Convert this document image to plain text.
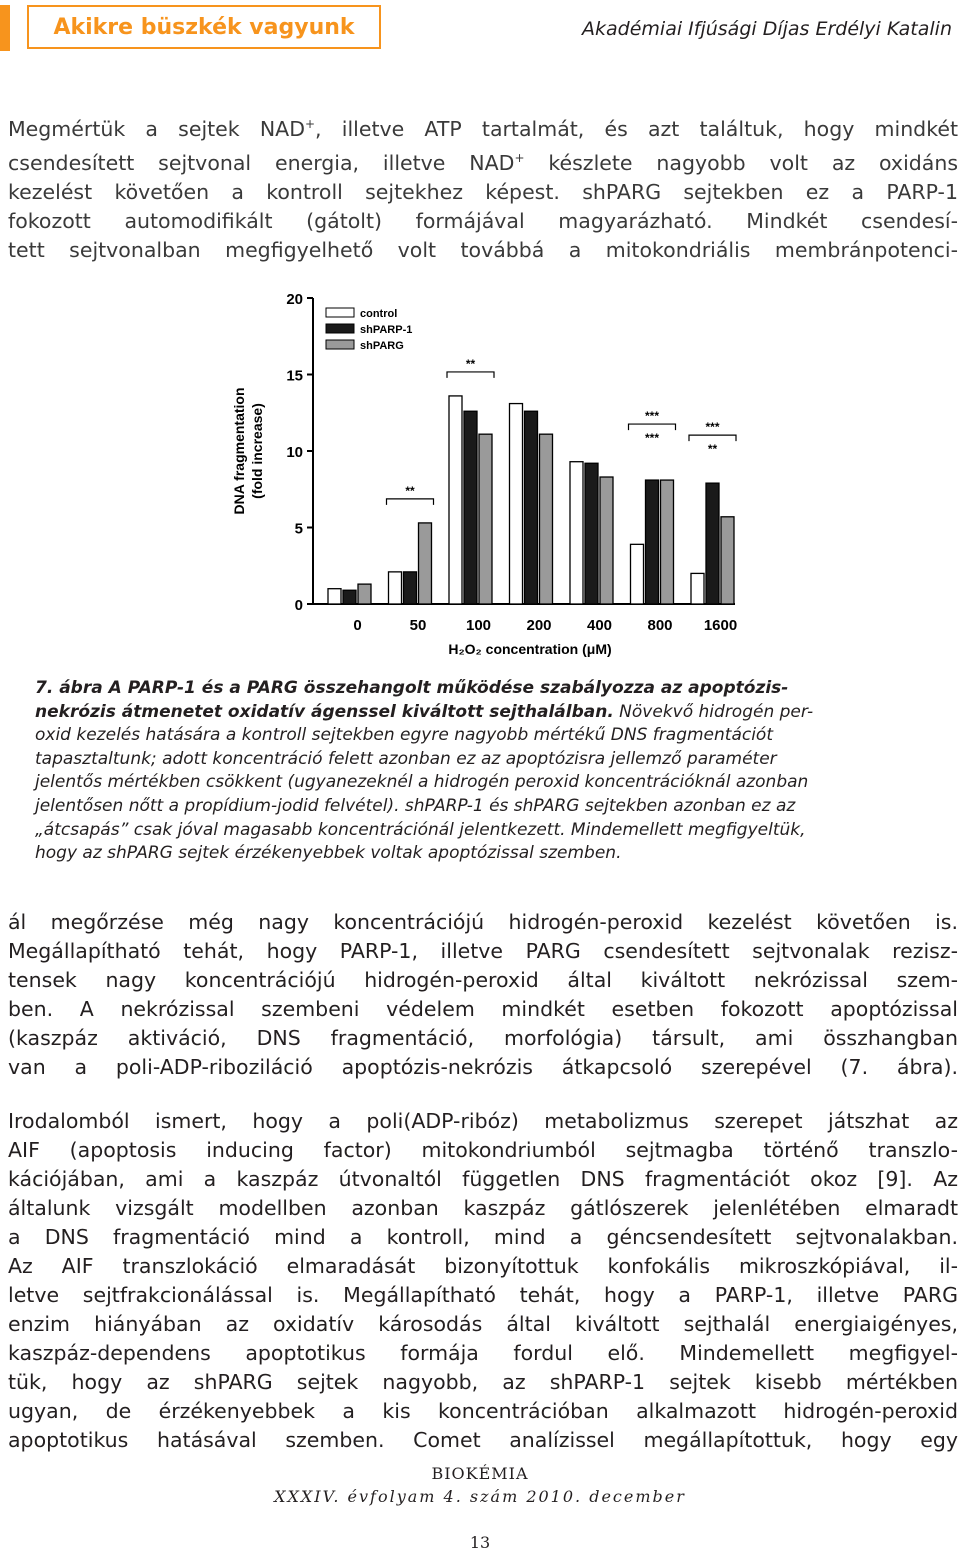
Akikre büszkék vagyunk	Akadémiai Ifjúsági Díjas Erdélyi Katalin
Megmértük a sejtek NAD+, illetve ATP tartalmát, és azt találtuk, hogy mindkét
csendesített sejtvonal energia, illetve NAD+ készlete nagyobb volt az oxidáns
kezelést követően a kontroll sejtekhez képest. shPARG sejtekben ez a PARP-1
fokozott automodifikált (gátolt) formájával magyarázható. Mindkét csendesí-
tett sejtvonalban megfigyelhető volt továbbá a mitokondriális membránpotenci-
0
5
10
15
20
DNA fragmentation (fold increase)
0	50	100 200 400 800 1600
H₂O₂ concentration (μM)
control
shPARP-1
shPARG
**
**
***
***
***
**
7. ábra A PARP-1 és a PARG összehangolt működése szabályozza az apoptózis-
nekrózis átmenetet oxidatív ágenssel kiváltott sejthalálban. Növekvő hidrogén per-
oxid kezelés hatására a kontroll sejtekben egyre nagyobb mértékű DNS fragmentációt
tapasztaltunk; adott koncentráció felett azonban ez az apoptózisra jellemző paraméter
jelentős mértékben csökkent (ugyanezeknél a hidrogén peroxid koncentrációknál azonban
jelentősen nőtt a propídium-jodid felvétel). shPARP-1 és shPARG sejtekben azonban ez az
„átcsapás” csak jóval magasabb koncentrációnál jelentkezett. Mindemellett megfigyeltük,
hogy az shPARG sejtek érzékenyebbek voltak apoptózissal szemben.
ál megőrzése még nagy koncentrációjú hidrogén-peroxid kezelést követően is.
Megállapítható tehát, hogy PARP-1, illetve PARG csendesített sejtvonalak rezisz-
tensek nagy koncentrációjú hidrogén-peroxid által kiváltott nekrózissal szem-
ben. A nekrózissal szembeni védelem mindkét esetben fokozott apoptózissal
(kaszpáz aktiváció, DNS fragmentáció, morfológia) társult, ami összhangban
van a poli-ADP-riboziláció apoptózis-nekrózis átkapcsoló szerepével (7. ábra).
Irodalomból ismert, hogy a poli(ADP-ribóz) metabolizmus szerepet játszhat az
AIF (apoptosis inducing factor) mitokondriumból sejtmagba történő transzlo-
kációjában, ami a kaszpáz útvonaltól független DNS fragmentációt okoz [9]. Az
általunk vizsgált modellben azonban kaszpáz gátlószerek jelenlétében elmaradt
a DNS fragmentáció mind a kontroll, mind a géncsendesített sejtvonalakban.
Az AIF transzlokáció elmaradását bizonyítottuk konfokális mikroszkópiával, il-
letve sejtfrakcionálással is. Megállapítható tehát, hogy a PARP-1, illetve PARG
enzim hiányában az oxidatív károsodás által kiváltott sejthalál energiaigényes,
kaszpáz-dependens apoptotikus formája fordul elő. Mindemellett megfigyel-
tük, hogy az shPARG sejtek nagyobb, az shPARP-1 sejtek kisebb mértékben
ugyan, de érzékenyebbek a kis koncentrációban alkalmazott hidrogén-peroxid
apoptotikus hatásával szemben. Comet analízissel megállapítottuk, hogy egy
BIOKÉMIA
XXXIV. évfolyam 4. szám 2010. december
13
